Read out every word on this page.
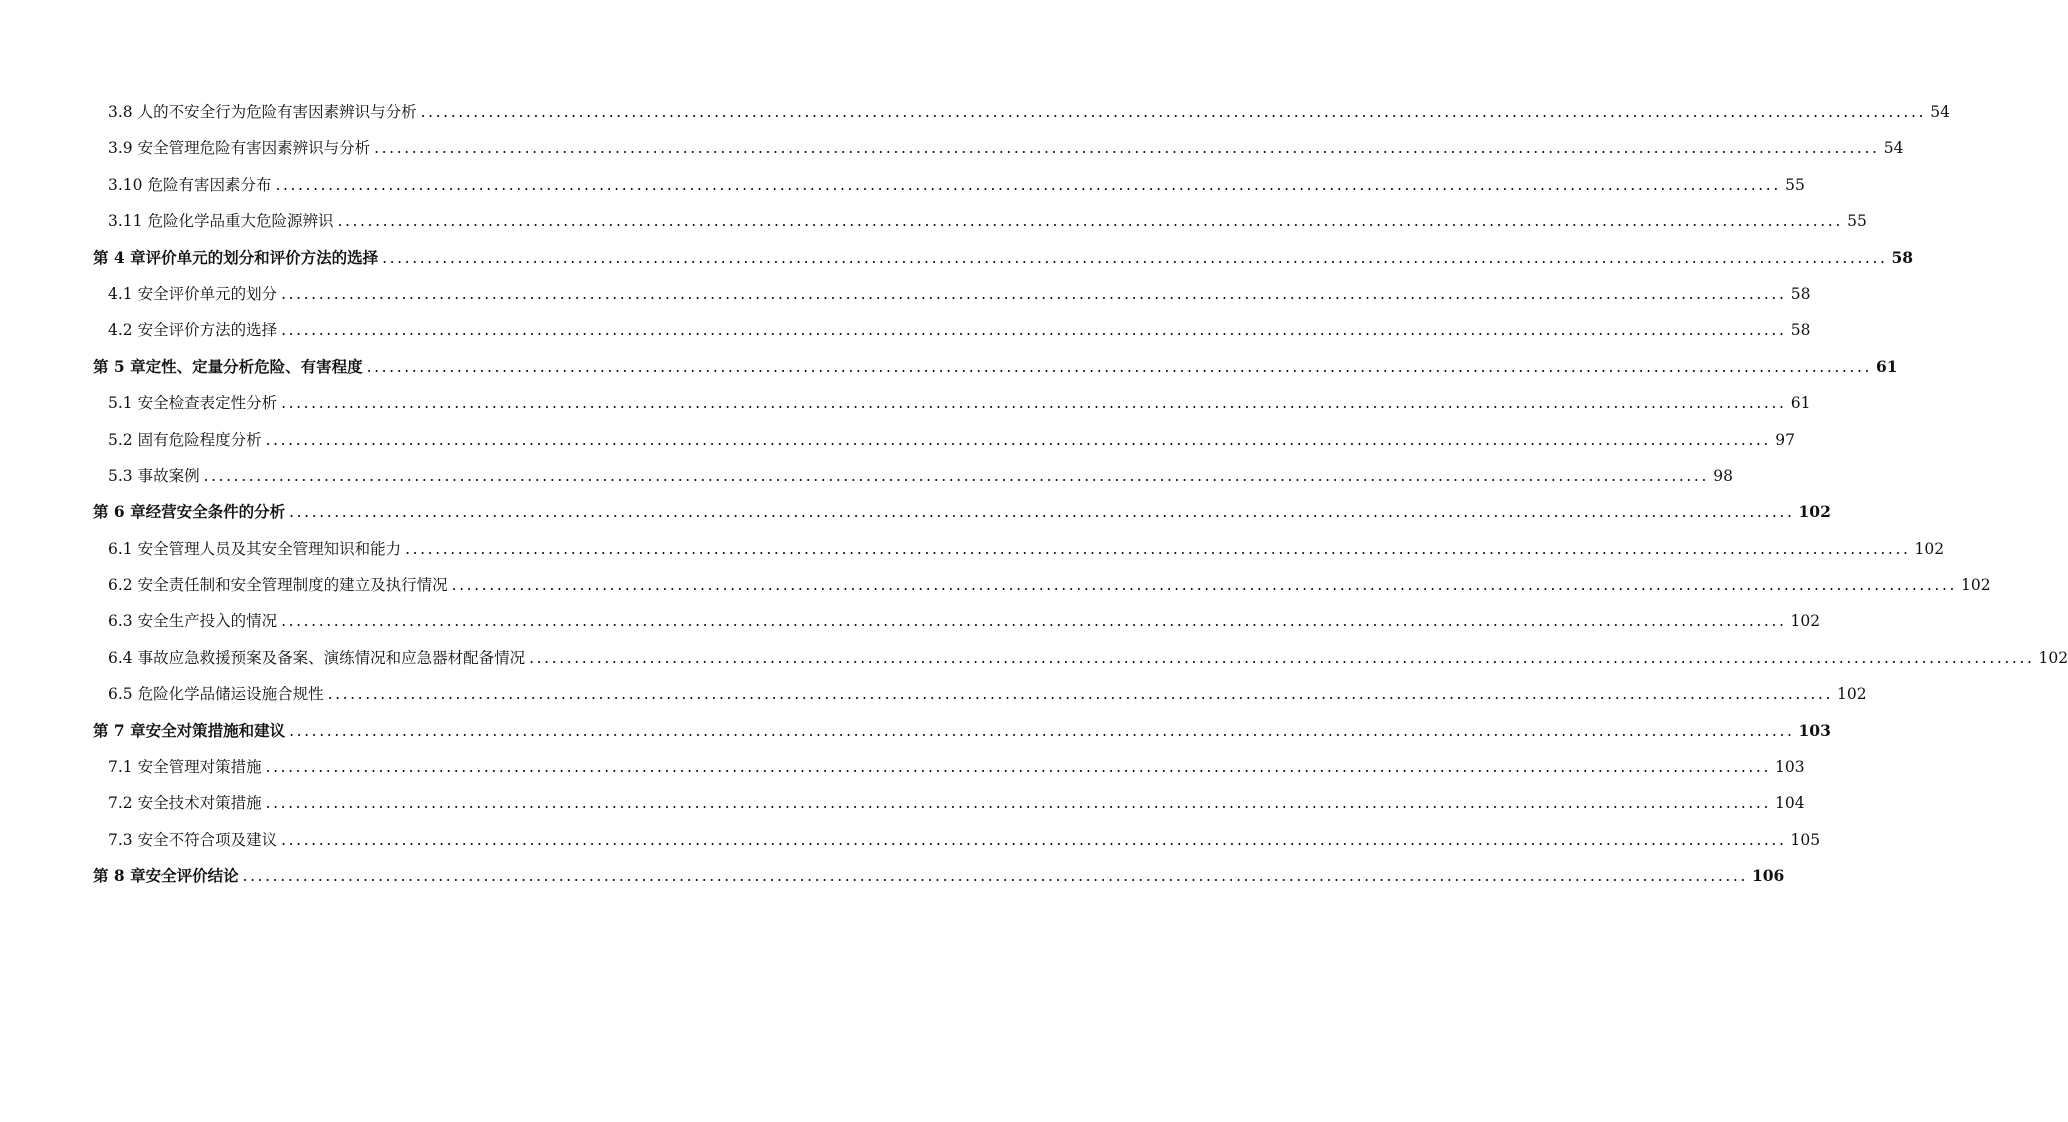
3.8 人的不安全行为危险有害因素辨识与分析 ........................................................................................................................................................................................................ 54
3.9 安全管理危险有害因素辨识与分析 ........................................................................................................................................................................................................ 54
3.10 危险有害因素分布 ........................................................................................................................................................................................................ 55
3.11 危险化学品重大危险源辨识 ........................................................................................................................................................................................................ 55
第 4 章评价单元的划分和评价方法的选择 ........................................................................................................................................................................................................ 58
4.1 安全评价单元的划分 ........................................................................................................................................................................................................ 58
4.2 安全评价方法的选择 ........................................................................................................................................................................................................ 58
第 5 章定性、定量分析危险、有害程度 ........................................................................................................................................................................................................ 61
5.1 安全检查表定性分析 ........................................................................................................................................................................................................ 61
5.2 固有危险程度分析 ........................................................................................................................................................................................................ 97
5.3 事故案例 ........................................................................................................................................................................................................ 98
第 6 章经营安全条件的分析 ........................................................................................................................................................................................................ 102
6.1 安全管理人员及其安全管理知识和能力 ........................................................................................................................................................................................................ 102
6.2 安全责任制和安全管理制度的建立及执行情况 ........................................................................................................................................................................................................ 102
6.3 安全生产投入的情况 ........................................................................................................................................................................................................ 102
6.4 事故应急救援预案及备案、演练情况和应急器材配备情况 ........................................................................................................................................................................................................ 102
6.5 危险化学品储运设施合规性 ........................................................................................................................................................................................................ 102
第 7 章安全对策措施和建议 ........................................................................................................................................................................................................ 103
7.1 安全管理对策措施 ........................................................................................................................................................................................................ 103
7.2 安全技术对策措施 ........................................................................................................................................................................................................ 104
7.3 安全不符合项及建议 ........................................................................................................................................................................................................ 105
第 8 章安全评价结论 ........................................................................................................................................................................................................ 106
